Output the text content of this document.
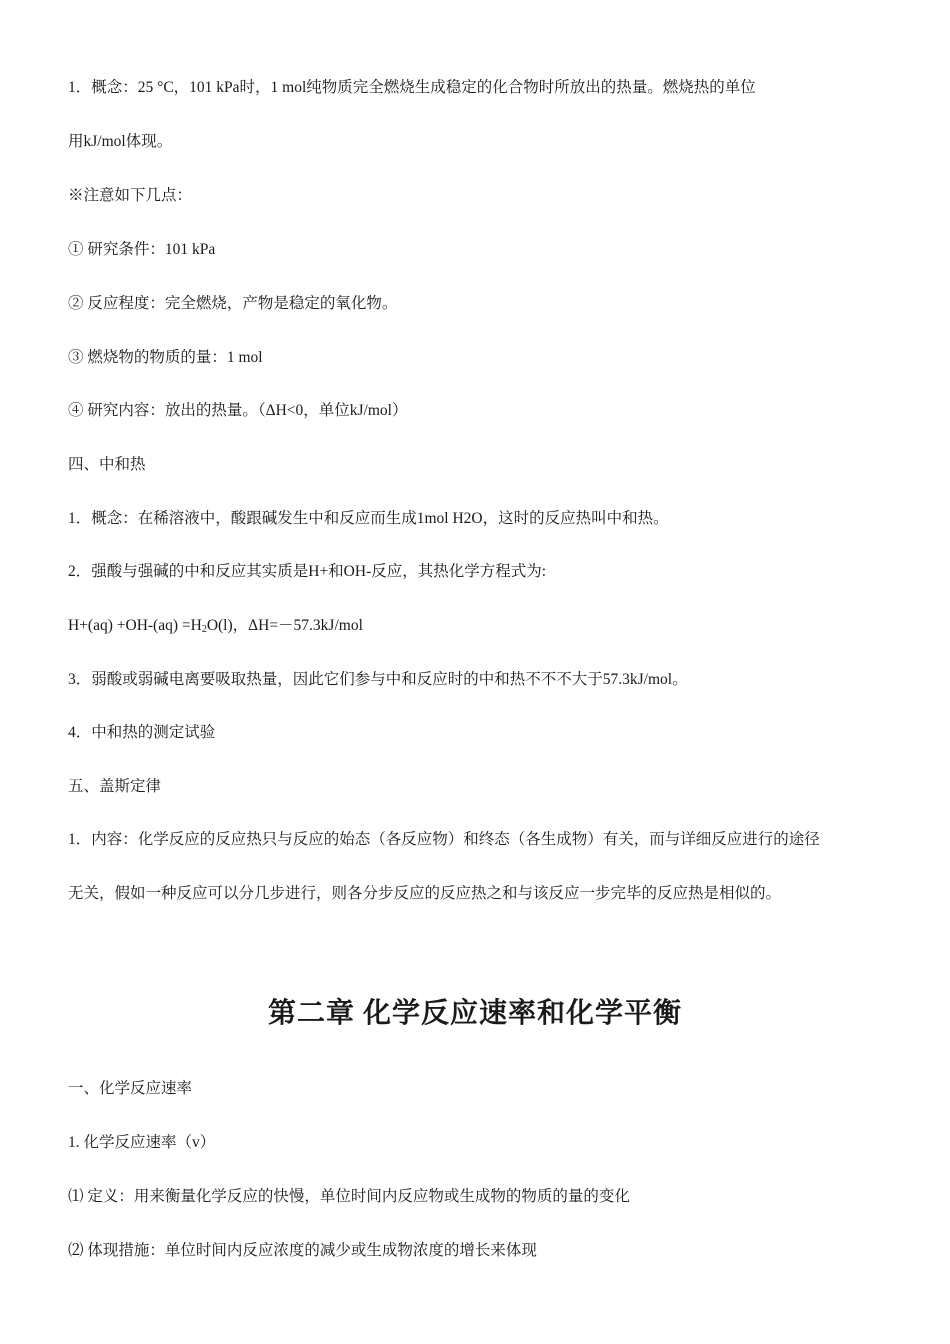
1．概念：25 °C，101 kPa时，1 mol纯物质完全燃烧生成稳定的化合物时所放出的热量。燃烧热的单位

用kJ/mol体现。

※注意如下几点：

① 研究条件：101 kPa

② 反应程度：完全燃烧，产物是稳定的氧化物。

③ 燃烧物的物质的量：1 mol

④ 研究内容：放出的热量。（ΔH<0，单位kJ/mol）

四、中和热

1．概念：在稀溶液中，酸跟碱发生中和反应而生成1mol H2O，这时的反应热叫中和热。

2．强酸与强碱的中和反应其实质是H+和OH-反应，其热化学方程式为:

$H+(aq) +OH-(aq) =H_2O(l)$，ΔH=－57.3kJ/mol

3．弱酸或弱碱电离要吸取热量，因此它们参与中和反应时的中和热不不不大于57.3kJ/mol。

4．中和热的测定试验

五、盖斯定律

1．内容：化学反应的反应热只与反应的始态（各反应物）和终态（各生成物）有关，而与详细反应进行的途径

无关，假如一种反应可以分几步进行，则各分步反应的反应热之和与该反应一步完毕的反应热是相似的。

第二章 化学反应速率和化学平衡

一、化学反应速率

1. 化学反应速率（v）

⑴ 定义：用来衡量化学反应的快慢，单位时间内反应物或生成物的物质的量的变化

⑵ 体现措施：单位时间内反应浓度的减少或生成物浓度的增长来体现
